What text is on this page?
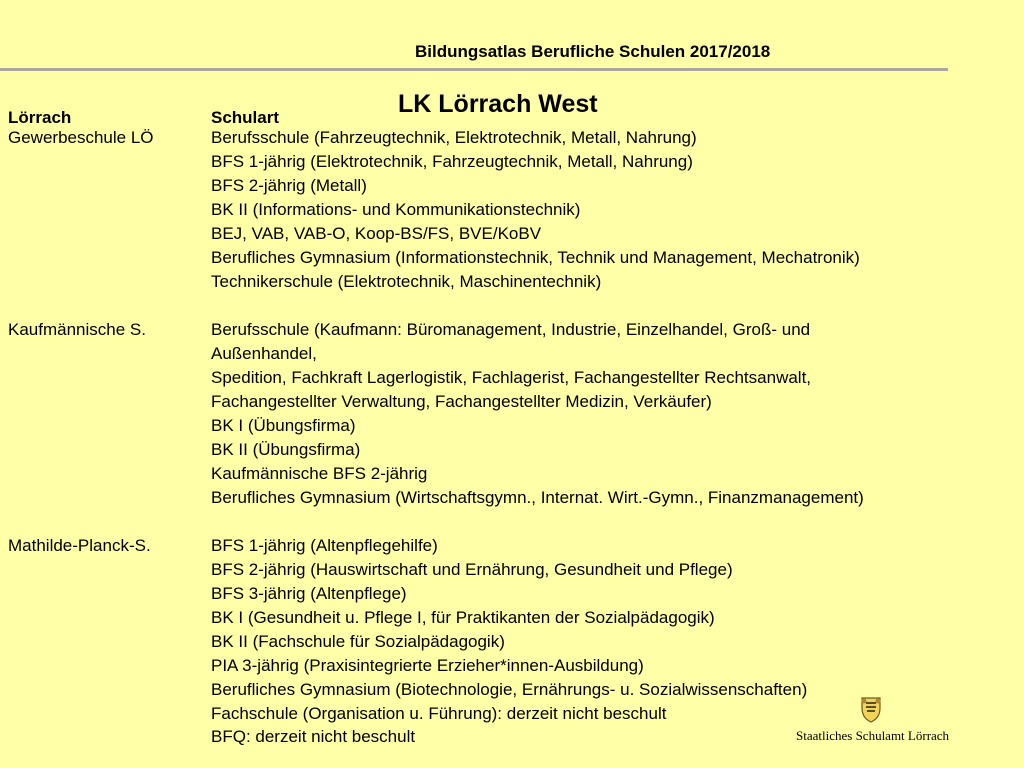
Bildungsatlas Berufliche Schulen 2017/2018
LK Lörrach West
Lörrach	Schulart
Gewerbeschule LÖ	Berufsschule (Fahrzeugtechnik, Elektrotechnik, Metall, Nahrung)
BFS 1-jährig (Elektrotechnik, Fahrzeugtechnik, Metall, Nahrung)
BFS 2-jährig (Metall)
BK II (Informations- und Kommunikationstechnik)
BEJ, VAB, VAB-O, Koop-BS/FS, BVE/KoBV
Berufliches Gymnasium (Informationstechnik, Technik und Management, Mechatronik)
Technikerschule (Elektrotechnik, Maschinentechnik)
Kaufmännische S.	Berufsschule (Kaufmann: Büromanagement, Industrie, Einzelhandel, Groß- und
Außenhandel,
Spedition, Fachkraft Lagerlogistik, Fachlagerist, Fachangestellter Rechtsanwalt,
Fachangestellter Verwaltung, Fachangestellter Medizin, Verkäufer)
BK I (Übungsfirma)
BK II (Übungsfirma)
Kaufmännische BFS 2-jährig
Berufliches Gymnasium (Wirtschaftsgymn., Internat. Wirt.-Gymn., Finanzmanagement)
Mathilde-Planck-S.	BFS 1-jährig (Altenpflegehilfe)
BFS 2-jährig (Hauswirtschaft und Ernährung, Gesundheit und Pflege)
BFS 3-jährig (Altenpflege)
BK I (Gesundheit u. Pflege I, für Praktikanten der Sozialpädagogik)
BK II (Fachschule für Sozialpädagogik)
PIA 3-jährig (Praxisintegrierte Erzieher*innen-Ausbildung)
Berufliches Gymnasium (Biotechnologie, Ernährungs- u. Sozialwissenschaften)
Fachschule (Organisation u. Führung): derzeit nicht beschult
BFQ: derzeit nicht beschult	Staatliches Schulamt Lörrach
